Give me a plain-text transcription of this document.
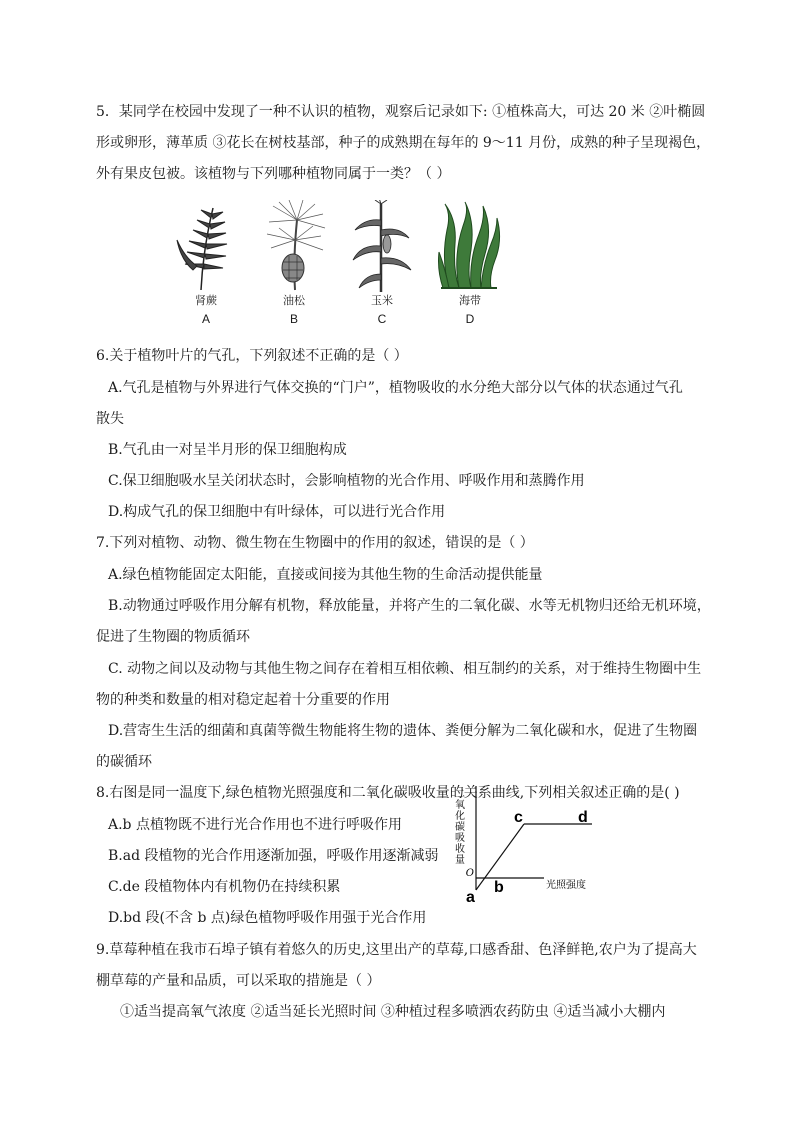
5．某同学在校园中发现了一种不认识的植物，观察后记录如下: ①植株高大，可达 20 米 ②叶椭圆
形或卵形，薄革质 ③花长在树枝基部，种子的成熟期在每年的 9～11 月份，成熟的种子呈现褐色，
外有果皮包被。该植物与下列哪种植物同属于一类？（ ）
肾蕨
A
油松
B
玉米
C
海带
D
6.关于植物叶片的气孔，下列叙述不正确的是（ ）
A.气孔是植物与外界进行气体交换的“门户”，植物吸收的水分绝大部分以气体的状态通过气孔
散失
B.气孔由一对呈半月形的保卫细胞构成
C.保卫细胞吸水呈关闭状态时，会影响植物的光合作用、呼吸作用和蒸腾作用
D.构成气孔的保卫细胞中有叶绿体，可以进行光合作用
7.下列对植物、动物、微生物在生物圈中的作用的叙述，错误的是（ ）
A.绿色植物能固定太阳能，直接或间接为其他生物的生命活动提供能量
B.动物通过呼吸作用分解有机物，释放能量，并将产生的二氧化碳、水等无机物归还给无机环境，
促进了生物圈的物质循环
C. 动物之间以及动物与其他生物之间存在着相互相依赖、相互制约的关系，对于维持生物圈中生
物的种类和数量的相对稳定起着十分重要的作用
D.营寄生生活的细菌和真菌等微生物能将生物的遗体、粪便分解为二氧化碳和水，促进了生物圈
的碳循环
8.右图是同一温度下,绿色植物光照强度和二氧化碳吸收量的关系曲线,下列相关叙述正确的是( )
A.b 点植物既不进行光合作用也不进行呼吸作用
B.ad 段植物的光合作用逐渐加强，呼吸作用逐渐减弱
C.de 段植物体内有机物仍在持续积累
D.bd 段(不含 b 点)绿色植物呼吸作用强于光合作用
O
a
b
c	d
光照强度
二氧化碳吸收量
9.草莓种植在我市石埠子镇有着悠久的历史,这里出产的草莓,口感香甜、色泽鲜艳,农户为了提高大
棚草莓的产量和品质，可以采取的措施是（ ）
①适当提高氧气浓度 ②适当延长光照时间 ③种植过程多喷洒农药防虫 ④适当减小大棚内
